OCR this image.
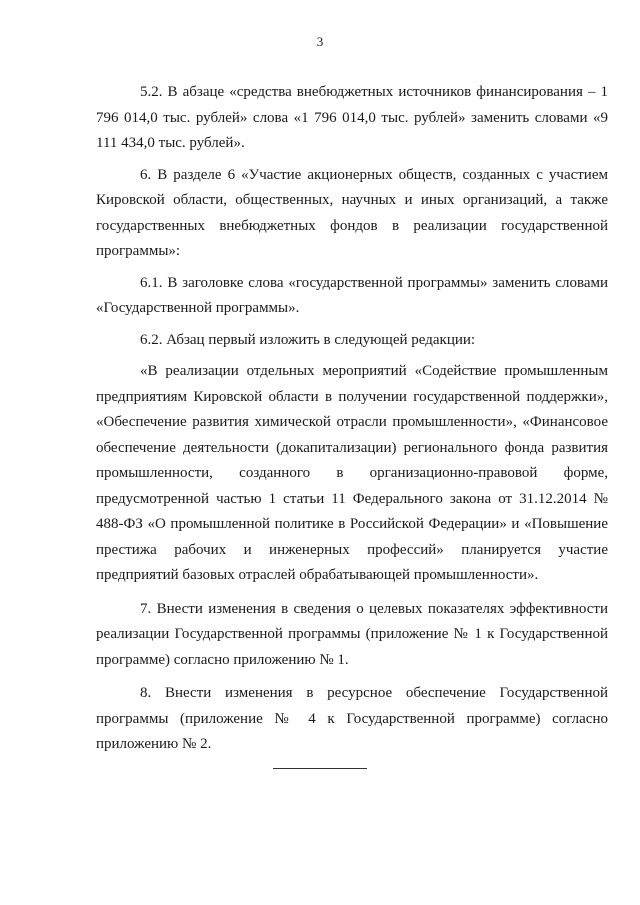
3

5.2. В абзаце «средства внебюджетных источников финансирования – 1 796 014,0 тыс. рублей» слова «1 796 014,0 тыс. рублей» заменить словами «9 111 434,0 тыс. рублей».

6. В разделе 6 «Участие акционерных обществ, созданных с участием Кировской области, общественных, научных и иных организаций, а также государственных внебюджетных фондов в реализации государственной программы»:

6.1. В заголовке слова «государственной программы» заменить словами «Государственной программы».

6.2. Абзац первый изложить в следующей редакции:

«В реализации отдельных мероприятий «Содействие промышленным предприятиям Кировской области в получении государственной поддержки», «Обеспечение развития химической отрасли промышленности», «Финансовое обеспечение деятельности (докапитализации) регионального фонда развития промышленности, созданного в организационно-правовой форме, предусмотренной частью 1 статьи 11 Федерального закона от 31.12.2014 № 488-ФЗ «О промышленной политике в Российской Федерации» и «Повышение престижа рабочих и инженерных профессий» планируется участие предприятий базовых отраслей обрабатывающей промышленности».

7. Внести изменения в сведения о целевых показателях эффективности реализации Государственной программы (приложение № 1 к Государственной программе) согласно приложению № 1.

8. Внести изменения в ресурсное обеспечение Государственной программы (приложение № 4 к Государственной программе) согласно приложению № 2.
